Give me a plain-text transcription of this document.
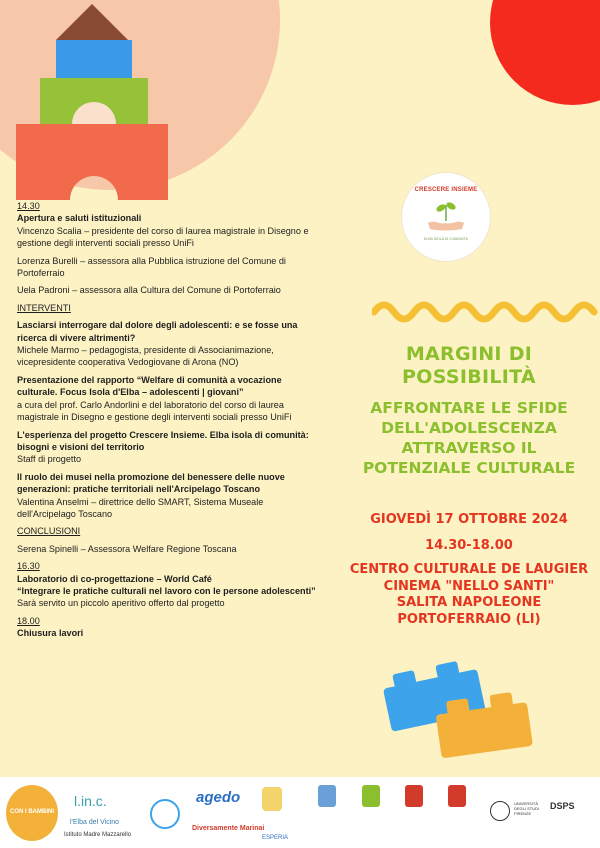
CRESCERE INSIEME
ELBA ISOLA DI COMUNITÀ

14.30

Apertura e saluti istituzionali

Vincenzo Scalia – presidente del corso di laurea magistrale in Disegno e gestione degli interventi sociali presso UniFi

Lorenza Burelli – assessora alla Pubblica istruzione del Comune di Portoferraio

Uela Padroni – assessora alla Cultura del Comune di Portoferraio

INTERVENTI

Lasciarsi interrogare dal dolore degli adolescenti: e se fosse una ricerca di vivere altrimenti?

Michele Marmo – pedagogista, presidente di Associanimazione, vicepresidente cooperativa Vedogiovane di Arona (NO)

Presentazione del rapporto “Welfare di comunità a vocazione culturale. Focus Isola d'Elba – adolescenti | giovani”

a cura del prof. Carlo Andorlini e del laboratorio del corso di laurea magistrale in Disegno e gestione degli interventi sociali presso UniFi

L'esperienza del progetto Crescere Insieme. Elba isola di comunità: bisogni e visioni del territorio

Staff di progetto

Il ruolo dei musei nella promozione del benessere delle nuove generazioni: pratiche territoriali nell'Arcipelago Toscano

Valentina Anselmi – direttrice dello SMART, Sistema Museale dell'Arcipelago Toscano

CONCLUSIONI

Serena Spinelli – Assessora Welfare Regione Toscana

16.30

Laboratorio di co-progettazione – World Café

“Integrare le pratiche culturali nel lavoro con le persone adolescenti”

Sarà servito un piccolo aperitivo offerto dal progetto

18.00

Chiusura lavori

MARGINI DI
POSSIBILITÀ
AFFRONTARE LE SFIDE
DELL'ADOLESCENZA
ATTRAVERSO IL
POTENZIALE CULTURALE
GIOVEDÌ 17 OTTOBRE 2024
14.30-18.00
CENTRO CULTURALE DE LAUGIER
CINEMA "NELLO SANTI"
SALITA NAPOLEONE
PORTOFERRAIO (LI)
CON I BAMBINI
l.in.c.
l'Elba del Vicino
Istituto Madre Mazzarello
agedo
Diversamente Marinai
ESPERIA
UNIVERSITÀ DEGLI STUDI FIRENZE
DSPS
